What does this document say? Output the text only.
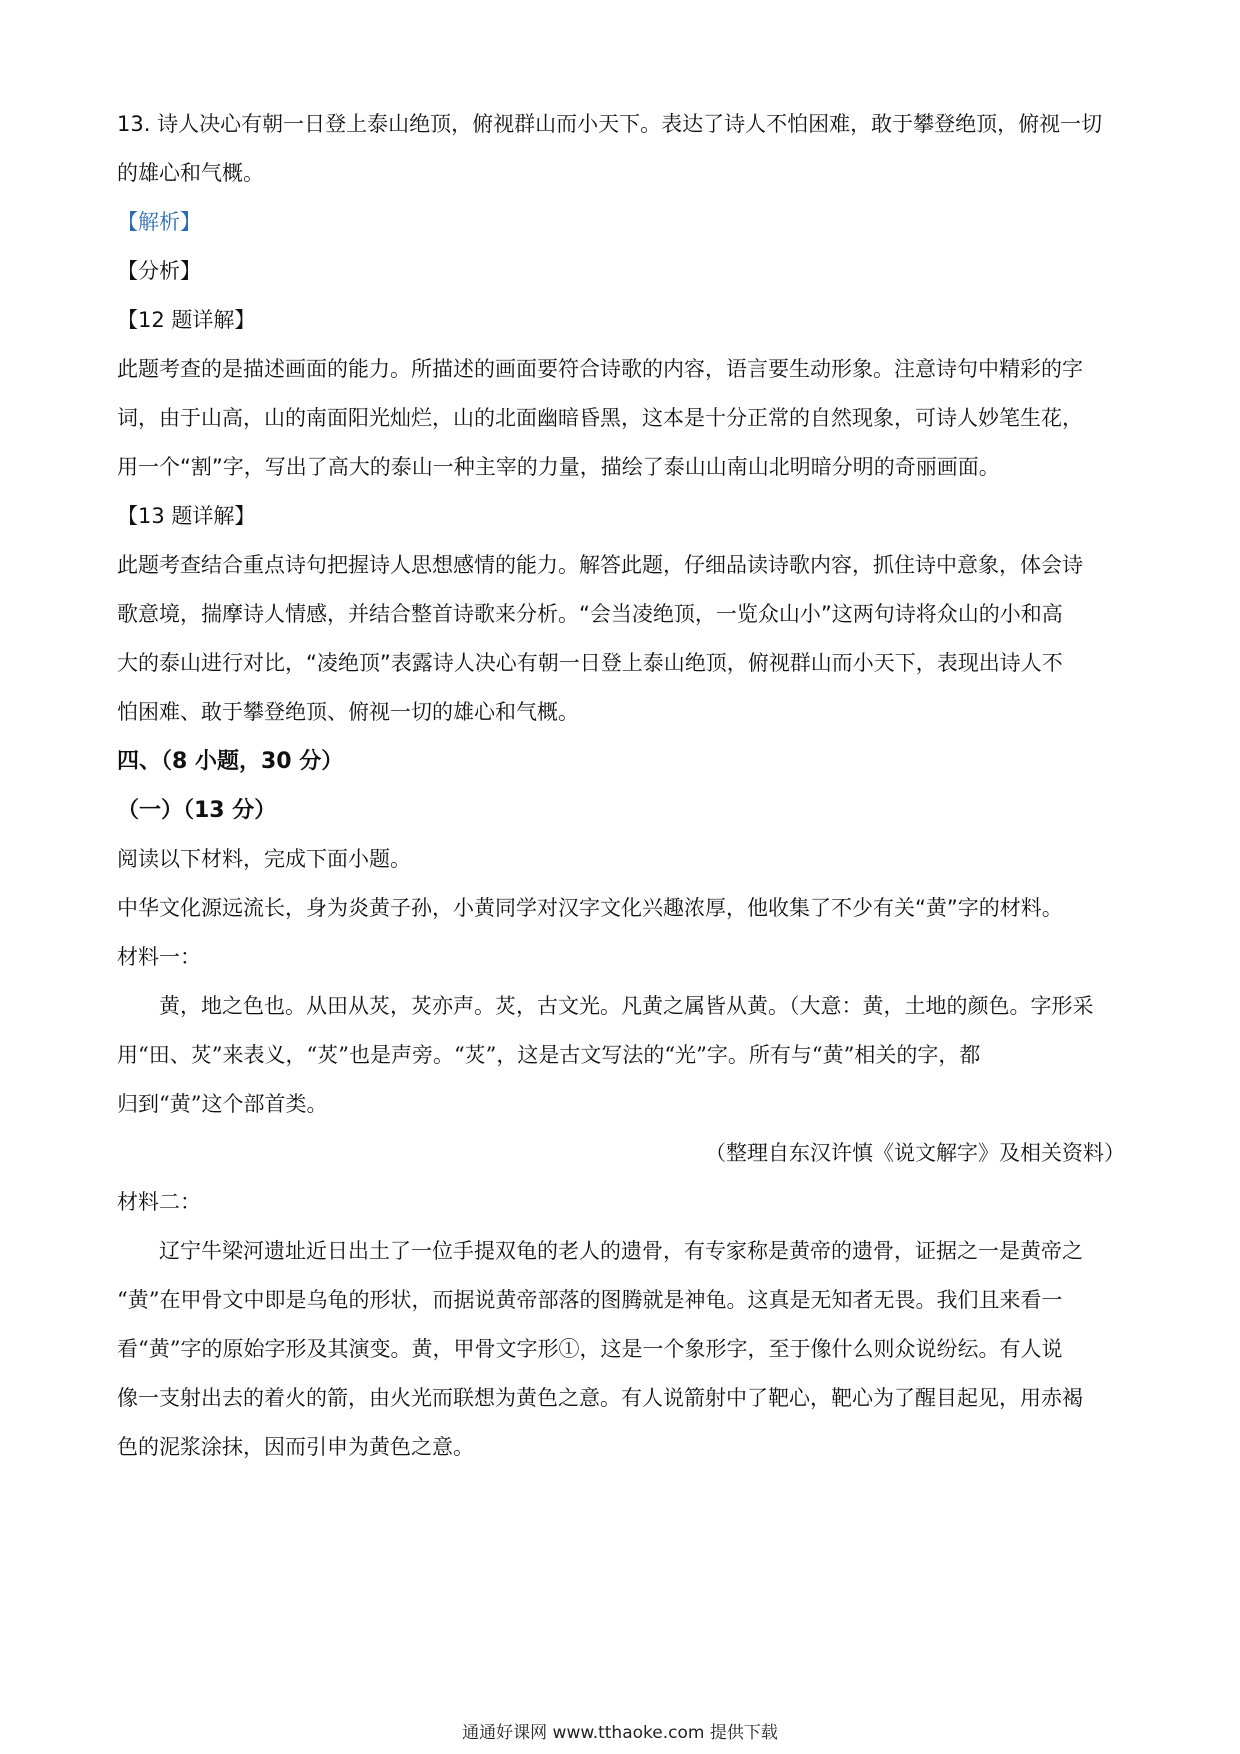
13. 诗人决心有朝一日登上泰山绝顶，俯视群山而小天下。表达了诗人不怕困难，敢于攀登绝顶，俯视一切
的雄心和气概。
【解析】
【分析】
【12 题详解】
此题考查的是描述画面的能力。所描述的画面要符合诗歌的内容，语言要生动形象。注意诗句中精彩的字
词，由于山高，山的南面阳光灿烂，山的北面幽暗昏黑，这本是十分正常的自然现象，可诗人妙笔生花，
用一个“割”字，写出了高大的泰山一种主宰的力量，描绘了泰山山南山北明暗分明的奇丽画面。
【13 题详解】
此题考查结合重点诗句把握诗人思想感情的能力。解答此题，仔细品读诗歌内容，抓住诗中意象，体会诗
歌意境，揣摩诗人情感，并结合整首诗歌来分析。“会当凌绝顶，一览众山小”这两句诗将众山的小和高
大的泰山进行对比，“凌绝顶”表露诗人决心有朝一日登上泰山绝顶，俯视群山而小天下，表现出诗人不
怕困难、敢于攀登绝顶、俯视一切的雄心和气概。
四、（8 小题，30 分）
（一）（13 分）
阅读以下材料，完成下面小题。
中华文化源远流长，身为炎黄子孙，小黄同学对汉字文化兴趣浓厚，他收集了不少有关“黄”字的材料。
材料一：
黄，地之色也。从田从炗，炗亦声。炗，古文光。凡黄之属皆从黄。（大意：黄，土地的颜色。字形采
用“田、炗”来表义，“炗”也是声旁。“炗”，这是古文写法的“光”字。所有与“黄”相关的字，都
归到“黄”这个部首类。
（整理自东汉许慎《说文解字》及相关资料）
材料二：
辽宁牛梁河遗址近日出土了一位手提双龟的老人的遗骨，有专家称是黄帝的遗骨，证据之一是黄帝之
“黄”在甲骨文中即是乌龟的形状，而据说黄帝部落的图腾就是神龟。这真是无知者无畏。我们且来看一
看“黄”字的原始字形及其演变。黄，甲骨文字形①，这是一个象形字，至于像什么则众说纷纭。有人说
像一支射出去的着火的箭，由火光而联想为黄色之意。有人说箭射中了靶心，靶心为了醒目起见，用赤褐
色的泥浆涂抹，因而引申为黄色之意。
通通好课网 www.tthaoke.com 提供下载
